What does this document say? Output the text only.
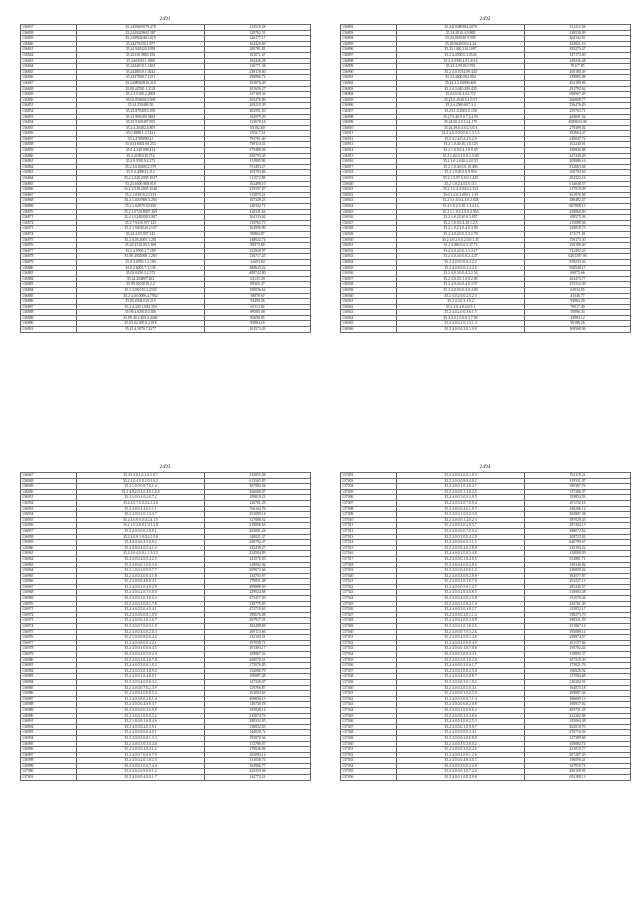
2491
136837	35.2439209579.478	123518.28
136838	35.2443029843.587	129762.31
136839	35.2449420461.619	126377.17
136840	35.24270230.1.877	164420.69
136841	35.24 840320.1958	180781.81
136842	35.24130.9863.182	181871.67
136843	35.24430251.1080	182426.28
136844	35.2444010.1.1463	136771.38
136845	35.2448010.1.0242	249118.60
136846	35.2447000.7.1251	190806.72
136847	35.2448020810.218	102876.49
136848	35.00.42530.1.2141	301659.27
136849	35.2 4 5100.2.2004	147169.34
136850	35.03.0506010.508	105476.89
136851	35.24 250409.50	209210.39
136852	35.23.8704010.108	303591.83
136853	35.23 900200.5482	102979.29
136854	35.25 9160407.853	123670.18
136855	35.2 4.20402.4.805	93182.60
136856	35.0 4880.1.2.1421	2352.7.34
136857	35.2 4700000.41	793701.40
136858	35.03.18402.00.254	798113.31
136859	35.0 4.240.008.414	379488.56
136860	35.2 4108.010.716	200793.45
136861	35.2 9.95019.4.173	111895.96
136862	35.2 3.610400.2.579	751493.27
136863	35.0 4.409023.312	105703.86
136864	35.2 2.428.2005.1047	111572.88
136865	35.25.6500.908.918	162498.10
136866	35.2 2.910.2005.1046	229597.87
136867	35.2 1.03010.2.5152	135879.21
136868	35.2 1.020.800.3.204	167328.23
136869	35.2 1.02070.0.5256	140332.71
136870	35.2 1.0720.8007.269	110331.64
136871	35.2 1.0240300.2.807	164133.62
136872	35.2 7.9410.977.125	119765.73
136873	35.2 1.9401020.2147	102936.90
136874	35.24.4.05.007.243	90804.87
136875	35.2 6.05.2005.1.281	148022.74
136876	35.28.4310.00.5.309	80975.88
136877	35.2 4.0700.1.7.189	142928.97
136878	35.09.4302008.1.283	136717.25
136879	35.0 4.0700.1.2.183	22603.84
136880	35.0 2.6005.7.1.136	389625.22
136881	35.03.6350.3.2.572	408742.80
136882	35.24.204807.461	64131.39
136883	35.09.0102010.2.2	89365.37
136884	35.2 4.09.010.2.2552	190036.62
136885	35.2 4.04.0000.4.7952	58878.67
136886	35.05.2504.010.219	93490.26
136887	35.2 4.420.1.082.354	65114.84
136888	35.09.4.02010.0.506	89585.08
136889	35.09.40.2.403.3.4284	83698.85
136890	35.03.02.300.8.2.818	85884.18
136891	35.23 4.3070.7.2277	101573.43
2492
136892	35.2419280384.2078	521212.04
136893	35.24 2010.4.9.908	239530.09
136894	35.24.050330.9.905	204142.81
136895	35.29.064050.0.4.24	443821.10
136896	35.25.1440.310.1087	185270.47
136897	35.2 4.4500.0.2.8545	147173.00
136898	35.2 4.0390.4.81.4116	249236.48
136899	35.24 4.09.010.769	70117.85
136900	35.2 4.0.1034.09.444	450180.49
136901	35.24.4600.004.004	338885.88
136902	35.24.2.5.04090.400	202180.86
136903	35.2 4.3.040.200.435	291792.62
136904	35.24.0.02.4.02.772	690967.49
136905	35.23.0.4540.5.1.0.57	266808.77
136906	35.2 4.2580.007.3.2	236476.83
136907	35.23.1.0.2003.0.158	439763.71
136908	35.27.9.40.0.0.7.2.4.00	204691.54
136909	35.24.00.2.0.14.4.179	4089633.00
136910	35.24.49.0.4.0.2.3.0.3	279309.02
136911	35.2 4.0.4.0.0.0.6.1.3.5.5	582664.47
136912	35.2 4.2.4.0.4.2.5.2.9	249047.72
136913	35.2 1.0.40.10.1.0.123	102240.81
136914	35.2 1.0.0.0.4.1.0.0.55	290846.88
136915	35.2 1.04.0.1.0.0.1.3.95	347439.29
136916	35.2 1.0.2.040.4.2.0.55	209886.16
136917	35.2 1.0.40.0.0.10.403	212663.84
136918	35.2 1.0.05.0.0.9.954	100784.50
136919	35.2 1.0.97.0.0.0.1.425	204322.16
136920	35.2 1.0.2.4.03.0.113	514048.57
136921	35.2 1.0.2.4.04.0.2.323	117019.09
136922	35.0 1.4.0.3.000.1.1.35	561876.88
136923	35.2 1.1.0.0.4.1.0.2.028	180482.37
136924	35.2 1.0.2.0.10.1.3.4.14	667808.13
136925	35.2 1.1.0.0.2.0.0.4.955	259869.80
136926	35.2 1.0.2.010.0.5.057	108575.36
136927	35.2 1.0.0.0.4.10.1.2.5	115088.56
136928	35.2 1.0.2.2.0.4.0.3.09	120019.75
136929	35.2 4.0.4.0.0.5.5.2.78	471171.81
136930	35.2 4.0.2.0.0.2.0.0.1.35	159173.30
136931	35.2 4.060.0.0.3.37.71	100188.40
136932	35.2 4.0.4.0.0.3.5.3.17	712492.23
136933	35.2 4.0.4.0.0.0.2.4.47	6201307.00
136934	35.2 4.0.9.0.0.0.2.2.2	559233.43
136935	35.2 4.0.8.0.0.2.3.4.5	950548.17
136936	35.2 4.0.3.0.0.4.2.2.54	69075.66
136937	35.2 4.0.3.0.1.0.0.2.00	263475.77
136938	35.2 4.0.4.0.0.4.0.3.97	253312.49
136939	35.2 4.0.9.0.0.4.0.4.00	62934.05
136940	35.2 4.0.2.0.0.2.0.2.3	41346.77
136941	35.2 4.0.0.3.1.5.2	94962.28
136942	35.2 4.0.4.0.0.0.5.1	70017.49
136943	35.2 4.0.2.0.0.3.6.1.5	50886.33
136944	35.2 4.0.1.0.0.0.3.7.69	43884.12
136945	35.2 4.0.0.2.0.1.3.1.3	96189.26
136946	35.2 4.0.0.0.2.0.1.0.8	109568.06
2493
136947	35.23 4.0.1.0.1.0.5.0.7	143855.08
136948	35.2 4.0.4.0.0.2.0.1.6.2	613565.85
136949	35.2 1.0.0.0.0.7.0.1.4	307982.04
136950	35.2 4.0.2.0.4.0.4.0.1.6.8	356000.07
136951	35.2 1.0.0.1.0.2.0.7.2	109019.21
136952	35.2 4.0.7.0.0.0.4.1.2.6	126701.29
136953	35.2 4.0.0.1.4.0.5.1.1	706104.76
136954	35.2 4.0.0.2.0.1.3.3.7	201099.14
136955	35.2 4.0.9.0.0.0.2.4.1.5	127088.52
136956	35.2 1.0.2.0.0.1.0.1.2.8	219096.63
136957	35.2 4.0.0.0.0.2.8.0.1	202001.26
136958	35.2 4.0.0.1.0.0.4.1.0.6	140821.37
136959	35.2 4.0.0.0.2.5.0.0.2	208792.47
136960	35.2 4.0.0.4.0.5.4.1.0	122439.27
136961	35.2 4.0.4.0.0.1.1.3.2.5	234584.89
136962	35.2 4.0.0.2.0.0.4.2.5	121576.05
136963	35.2 4.0.0.0.1.0.0.3.0	149002.94
136964	35.2 1.0.0.2.0.8.0.7.7	209072.66
136965	35.2 4.0.0.2.0.0.4.1.8	134703.97
136966	35.2 4.0.0.0.4.0.0.4.1	178931.48
136967	35.2 4.0.0.2.0.4.0.2.9	209888.50
136968	35.2 4.0.0.2.0.7.5.0.0	229024.68
136969	35.2 4.0.0.3.0.1.0.5.2	475417.50
136970	35.2 4.0.0.2.0.0.1.7.8	130779.95
136971	35.2 4.0.0.5.0.4.0.4.1	472719.63
136972	35.2 4.0.0.6.0.0.1.0.9	189676.88
136973	35.2 4.0.0.0.2.0.1.0.7	207917.91
136974	35.2 4.0.0.7.0.0.3.1.0	202498.69
136975	35.2 4.0.0.4.0.0.2.0.3	269113.66
136976	35.2 1.0.0.0.8.0.6.4.2	132103.51
136977	35.2 4.0.0.8.0.0.3.2.1	197058.71
136978	35.2 4.0.0.1.0.0.0.4.5	101303.17
136979	35.2 4.0.0.2.0.5.0.2.3	109867.32
136980	35.2 4.0.0.3.0.2.0.7.8	209070.41
136981	35.2 4.0.0.5.0.0.1.8.2	175076.85
136982	35.2 4.0.0.3.0.3.0.9.0	152086.79
136983	35.2 4.0.0.1.0.4.0.0.1	100087.48
136984	35.2 4.0.0.4.0.0.6.3.2	147320.07
136985	35.2 4.0.0.0.7.0.2.3.9	129766.87
136986	35.2 4.0.0.2.0.0.8.5.4	161003.63
136987	35.2 4.0.0.8.0.2.0.1.4	409656.15
136988	35.2 4.0.0.0.4.0.0.3.7	146730.78
136989	35.2 4.0.0.0.0.2.0.9.8	105028.14
136990	35.2 4.0.0.1.0.0.0.3.2	215874.79
136991	35.2 1.0.0.0.1.0.8.4.6	298332.05
136992	35.2 4.0.0.0.2.0.3.9.1	138052.03
136993	35.2 4.0.0.8.0.0.4.0.1	144020.72
136994	35.2 4.0.0.5.0.0.1.3.3	195870.04
136995	35.2 4.0.0.3.0.1.0.4.0	172780.07
136996	35.2 4.0.0.0.4.0.2.1.2	179036.96
136997	35.2 4.0.0.7.0.0.0.7.9	102084.14
136998	35.2 4.0.0.2.0.1.0.2.3	131058.74
136999	35.2 4.0.0.1.0.0.7.4.4	162906.77
137000	35.2 4.0.0.0.9.0.0.1.2	222359.56
137001	35.2 4.0.0.0.4.0.0.1.7	144772.21
2494
137002	35.2 4.0.0.2.0.0.1.0.3	702119.21
137003	35.2 4.0.0.0.8.0.4.0.2	219331.07
137004	35.2 4.0.0.1.0.2.0.4.7	190397.76
137005	35.2 4.0.0.0.1.3.0.2.3	137286.07
137006	35.2 4.0.0.5.0.0.1.9.5	193854.53
137007	35.2 4.0.0.2.0.7.0.0.4	291152.16
137008	35.2 4.0.0.0.4.0.1.9.7	196286.12
137009	35.2 4.0.0.1.0.0.2.3.0	302907.38
137010	35.2 4.0.0.0.1.4.0.2.3	587029.45
137011	35.2 4.0.0.3.0.2.0.5.7	287494.15
137012	35.2 4.0.0.0.0.7.0.0.2	286072.62
137013	35.2 4.0.0.2.0.0.4.2.9	209723.44
137014	35.2 4.0.0.6.0.0.1.1.5	620799.67
137015	35.2 4.0.0.0.4.0.2.8.0	135193.22
137016	35.2 4.0.0.2.0.0.5.4.8	110890.93
137017	35.2 4.0.0.0.1.0.2.0.5	354881.71
137018	35.2 4.0.0.4.0.0.2.8.6	150346.84
137019	35.2 4.0.0.0.2.0.0.1.2	236850.42
137020	35.2 4.0.0.3.0.0.2.0.8	182077.87
137021	35.2 4.0.0.2.0.1.0.7.0	203227.13
137022	35.2 4.0.0.0.5.0.1.2.7	285446.37
137023	35.2 4.0.0.2.0.3.0.6.5	310903.38
137024	35.2 4.0.0.4.0.0.2.5.8	152578.44
137025	35.2 4.0.0.1.0.0.2.1.9	220761.49
137026	35.2 4.0.0.3.0.1.0.2.7	135052.17
137027	35.2 4.0.0.0.2.0.1.1.4	198273.70
137028	35.2 4.0.0.2.0.0.3.0.8	180221.59
137029	35.2 4.0.0.1.0.1.0.2.5	251867.14
137030	35.2 4.0.0.0.7.0.3.2.6	193089.14
137031	35.2 4.0.0.4.0.0.1.4.8	208974.57
137032	35.2 4.0.0.2.0.0.0.4.9	261157.84
137033	35.2 4.0.0.0.1.0.7.0.6	150702.44
137034	35.2 4.0.0.3.0.0.4.3.1	110893.37
137035	35.2 4.0.0.5.0.1.0.2.9	107219.30
137036	35.2 4.0.0.0.2.0.6.1.7	173021.76
137037	35.2 4.0.0.1.0.0.2.5.0	166820.92
137038	35.2 4.0.0.4.0.0.0.8.7	137094.68
137039	35.2 4.0.0.0.3.0.1.0.2	226302.91
137040	35.2 4.0.0.2.0.5.0.4.1	164075.18
137041	35.2 4.0.0.0.1.0.0.3.9	109887.36
137042	35.2 4.0.0.3.0.0.7.1.3	266009.13
137043	35.2 4.0.0.0.6.0.2.0.8	180917.02
137044	35.2 4.0.0.1.0.0.0.6.2	263721.35
137045	35.2 4.0.0.0.2.0.4.0.6	212302.88
137046	35.2 4.0.0.4.0.0.2.5.3	145063.38
137047	35.2 4.0.0.0.1.0.9.0.7	202010.70
137048	35.2 4.0.0.5.0.0.3.4.1	270716.94
137049	35.2 4.0.0.0.2.0.0.8.8	127389.69
137050	35.2 4.0.0.1.0.3.0.0.2	109082.74
137051	35.2 4.0.0.0.3.0.0.4.5	231019.77
137052	35.2 4.0.0.2.0.0.1.2.6	307287.43
137053	35.2 4.0.0.0.4.0.3.0.7	196090.41
137054	35.2 4.0.0.3.0.0.2.3.9	167919.71
137055	35.2 4.0.0.0.1.0.7.2.4	290109.95
137056	35.2 4.0.0.1.0.0.4.0.6	692189.13
